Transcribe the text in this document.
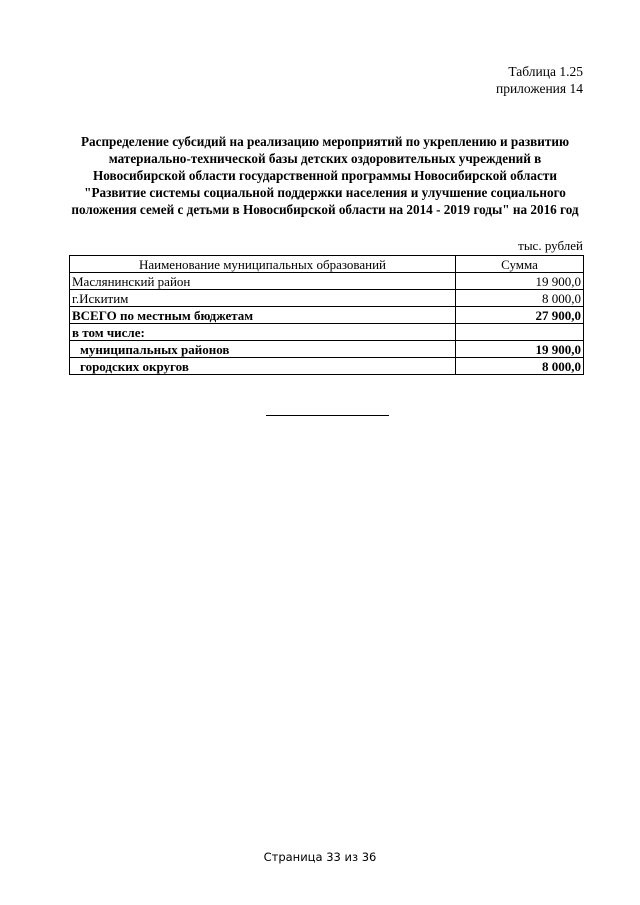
Таблица 1.25
приложения 14
Распределение субсидий на реализацию мероприятий по укреплению и развитию
материально-технической базы детских оздоровительных учреждений в
Новосибирской области государственной программы Новосибирской области
"Развитие системы социальной поддержки населения и улучшение социального
положения семей с детьми в Новосибирской области на 2014 - 2019 годы" на 2016 год
тыс. рублей
Наименование муниципальных образований	Сумма
Маслянинский район	19 900,0
г.Искитим	8 000,0
ВСЕГО по местным бюджетам	27 900,0
в том числе:	
муниципальных районов	19 900,0
городских округов	8 000,0
Страница 33 из 36
